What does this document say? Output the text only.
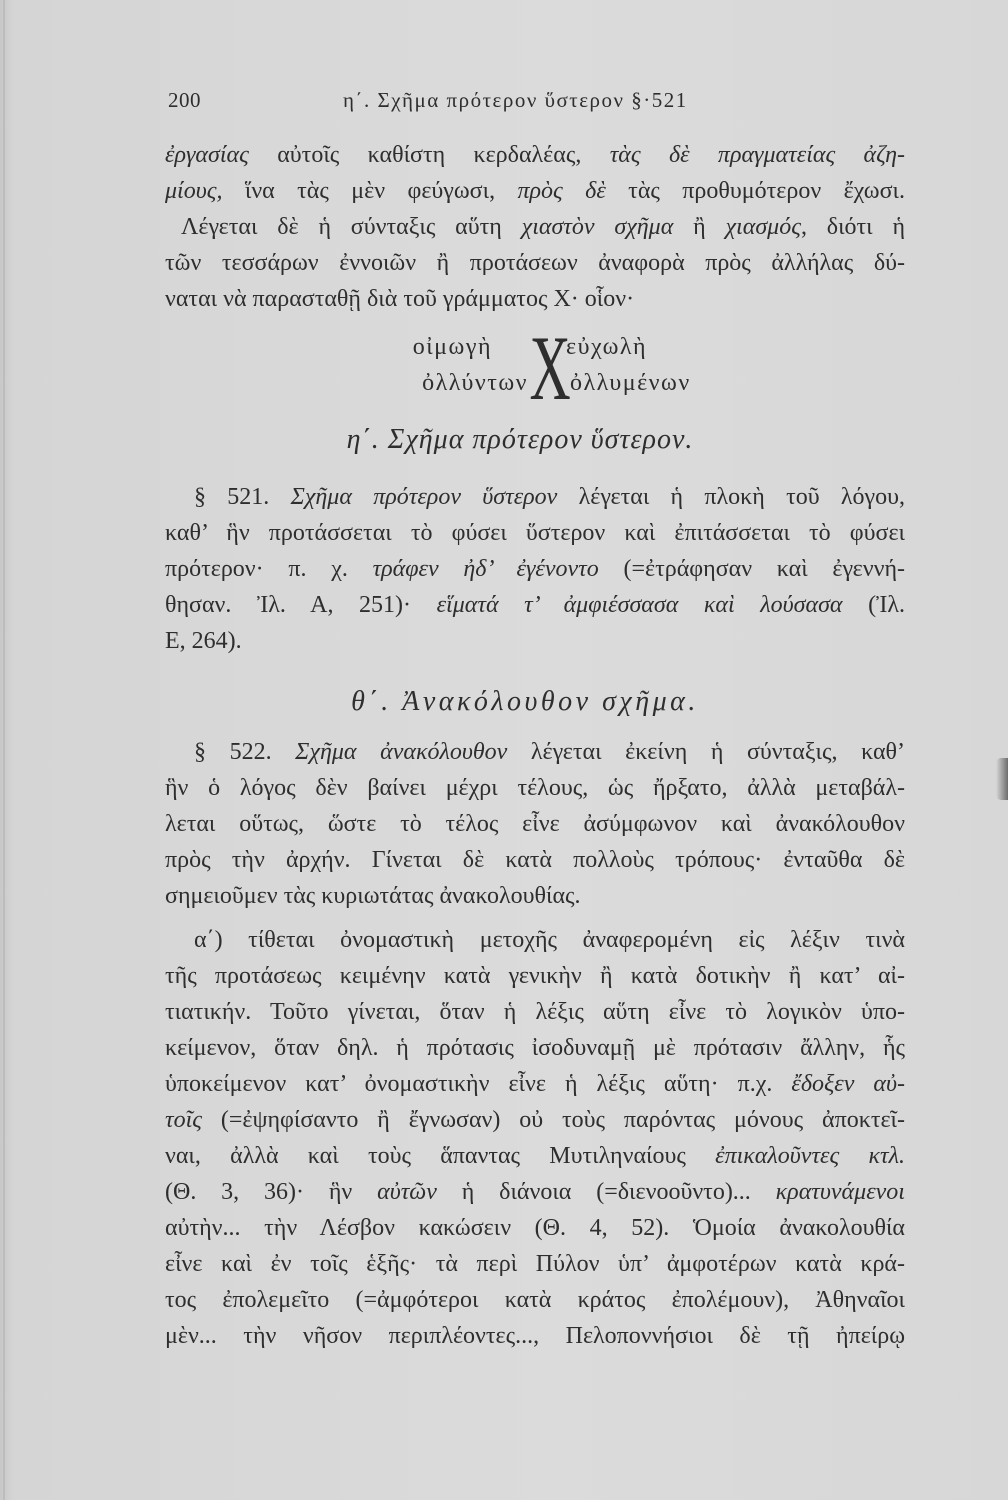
200	η΄. Σχῆμα πρότερον ὕστερον §·521
ἐργασίας αὐτοῖς καθίστη κερδαλέας, τὰς δὲ πραγματείας ἀζη-
μίους, ἵνα τὰς μὲν φεύγωσι, πρὸς δὲ τὰς προθυμότερον ἔχωσι.
Λέγεται δὲ ἡ σύνταξις αὕτη χιαστὸν σχῆμα ἢ χιασμός, διότι ἡ
τῶν τεσσάρων ἐννοιῶν ἢ προτάσεων ἀναφορὰ πρὸς ἀλλήλας δύ-
ναται νὰ παρασταθῇ διὰ τοῦ γράμματος Χ· οἷον·
οἰμωγὴ
ὀλλύντων Χ
εὐχωλὴ
ὀλλυμένων
η΄. Σχῆμα πρότερον ὕστερον.
§ 521. Σχῆμα πρότερον ὕστερον λέγεται ἡ πλοκὴ τοῦ λόγου,
καθ’ ἣν προτάσσεται τὸ φύσει ὕστερον καὶ ἐπιτάσσεται τὸ φύσει
πρότερον· π. χ. τράφεν ἠδ’ ἐγένοντο (=ἐτράφησαν καὶ ἐγεννή-
θησαν. Ἰλ. Α, 251)· εἵματά τ’ ἀμφιέσσασα καὶ λούσασα (Ἰλ.
Ε, 264).
θ΄. Ἀνακόλουθον σχῆμα.
§ 522. Σχῆμα ἀνακόλουθον λέγεται ἐκείνη ἡ σύνταξις, καθ’
ἣν ὁ λόγος δὲν βαίνει μέχρι τέλους, ὡς ἤρξατο, ἀλλὰ μεταβάλ-
λεται οὕτως, ὥστε τὸ τέλος εἶνε ἀσύμφωνον καὶ ἀνακόλουθον
πρὸς τὴν ἀρχήν. Γίνεται δὲ κατὰ πολλοὺς τρόπους· ἐνταῦθα δὲ
σημειοῦμεν τὰς κυριωτάτας ἀνακολουθίας.
α΄) τίθεται ὀνομαστικὴ μετοχῆς ἀναφερομένη εἰς λέξιν τινὰ
τῆς προτάσεως κειμένην κατὰ γενικὴν ἢ κατὰ δοτικὴν ἢ κατ’ αἰ-
τιατικήν. Τοῦτο γίνεται, ὅταν ἡ λέξις αὕτη εἶνε τὸ λογικὸν ὑπο-
κείμενον, ὅταν δηλ. ἡ πρότασις ἰσοδυναμῇ μὲ πρότασιν ἄλλην, ἧς
ὑποκείμενον κατ’ ὀνομαστικὴν εἶνε ἡ λέξις αὕτη· π.χ. ἔδοξεν αὐ-
τοῖς (=ἐψηφίσαντο ἢ ἔγνωσαν) οὐ τοὺς παρόντας μόνους ἀποκτεῖ-
ναι, ἀλλὰ καὶ τοὺς ἅπαντας Μυτιληναίους ἐπικαλοῦντες κτλ.
(Θ. 3, 36)· ἣν αὐτῶν ἡ διάνοια (=διενοοῦντο)... κρατυνάμενοι
αὐτὴν... τὴν Λέσβον κακώσειν (Θ. 4, 52). Ὁμοία ἀνακολουθία
εἶνε καὶ ἐν τοῖς ἑξῆς· τὰ περὶ Πύλον ὑπ’ ἀμφοτέρων κατὰ κρά-
τος ἐπολεμεῖτο (=ἀμφότεροι κατὰ κράτος ἐπολέμουν), Ἀθηναῖοι
μὲν... τὴν νῆσον περιπλέοντες..., Πελοποννήσιοι δὲ τῇ ἠπείρῳ
